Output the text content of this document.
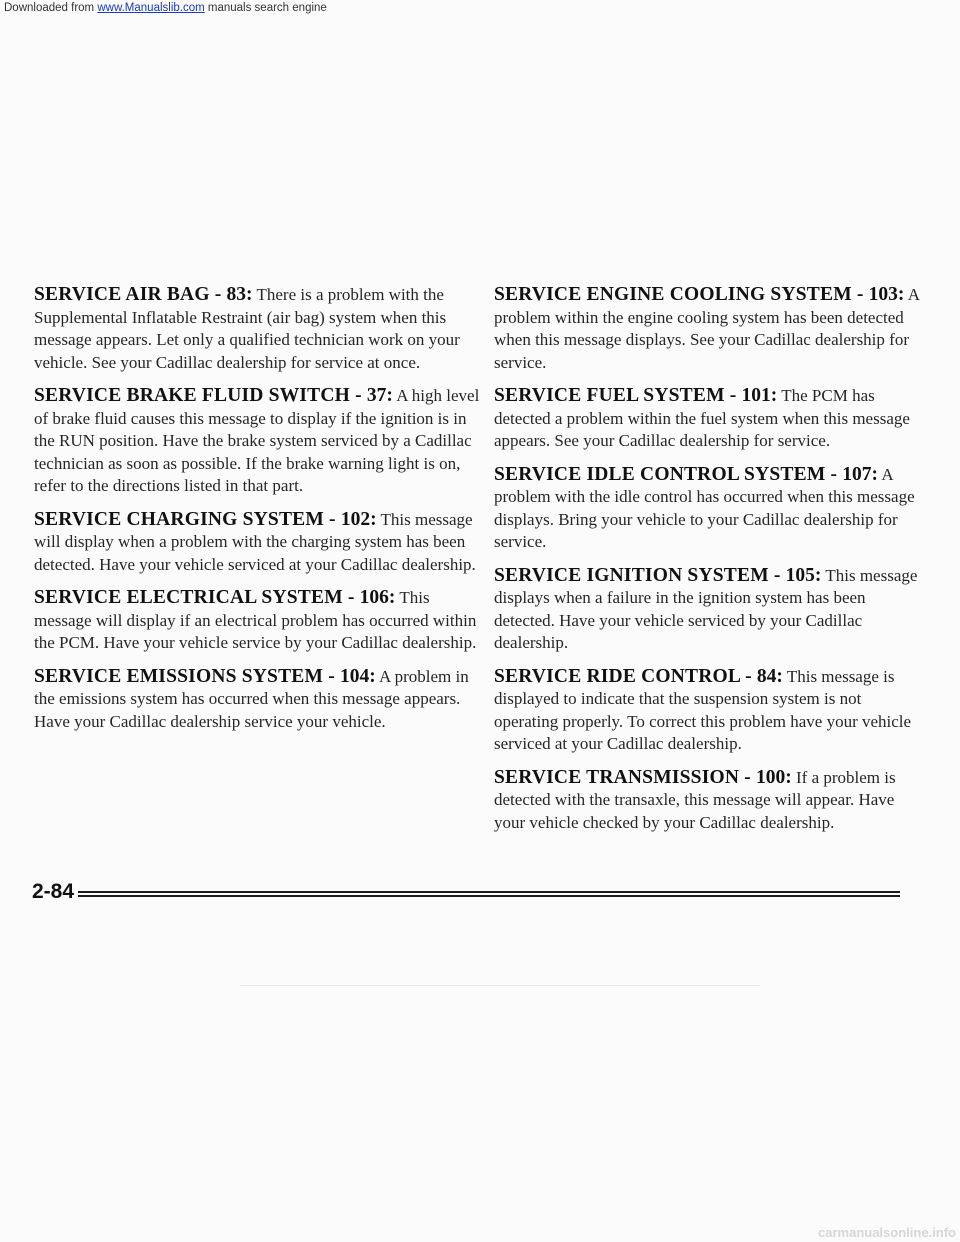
Downloaded from www.Manualslib.com manuals search engine

SERVICE AIR BAG - 83: There is a problem with the Supplemental Inflatable Restraint (air bag) system when this message appears. Let only a qualified technician work on your vehicle. See your Cadillac dealership for service at once.

SERVICE BRAKE FLUID SWITCH - 37: A high level of brake fluid causes this message to display if the ignition is in the RUN position. Have the brake system serviced by a Cadillac technician as soon as possible. If the brake warning light is on, refer to the directions listed in that part.

SERVICE CHARGING SYSTEM - 102: This message will display when a problem with the charging system has been detected. Have your vehicle serviced at your Cadillac dealership.

SERVICE ELECTRICAL SYSTEM - 106: This message will display if an electrical problem has occurred within the PCM. Have your vehicle service by your Cadillac dealership.

SERVICE EMISSIONS SYSTEM - 104: A problem in the emissions system has occurred when this message appears. Have your Cadillac dealership service your vehicle.

SERVICE ENGINE COOLING SYSTEM - 103: A problem within the engine cooling system has been detected when this message displays. See your Cadillac dealership for service.

SERVICE FUEL SYSTEM - 101: The PCM has detected a problem within the fuel system when this message appears. See your Cadillac dealership for service.

SERVICE IDLE CONTROL SYSTEM - 107: A problem with the idle control has occurred when this message displays. Bring your vehicle to your Cadillac dealership for service.

SERVICE IGNITION SYSTEM - 105: This message displays when a failure in the ignition system has been detected. Have your vehicle serviced by your Cadillac dealership.

SERVICE RIDE CONTROL - 84: This message is displayed to indicate that the suspension system is not operating properly. To correct this problem have your vehicle serviced at your Cadillac dealership.

SERVICE TRANSMISSION - 100: If a problem is detected with the transaxle, this message will appear. Have your vehicle checked by your Cadillac dealership.

2-84
carmanualsonline.info
